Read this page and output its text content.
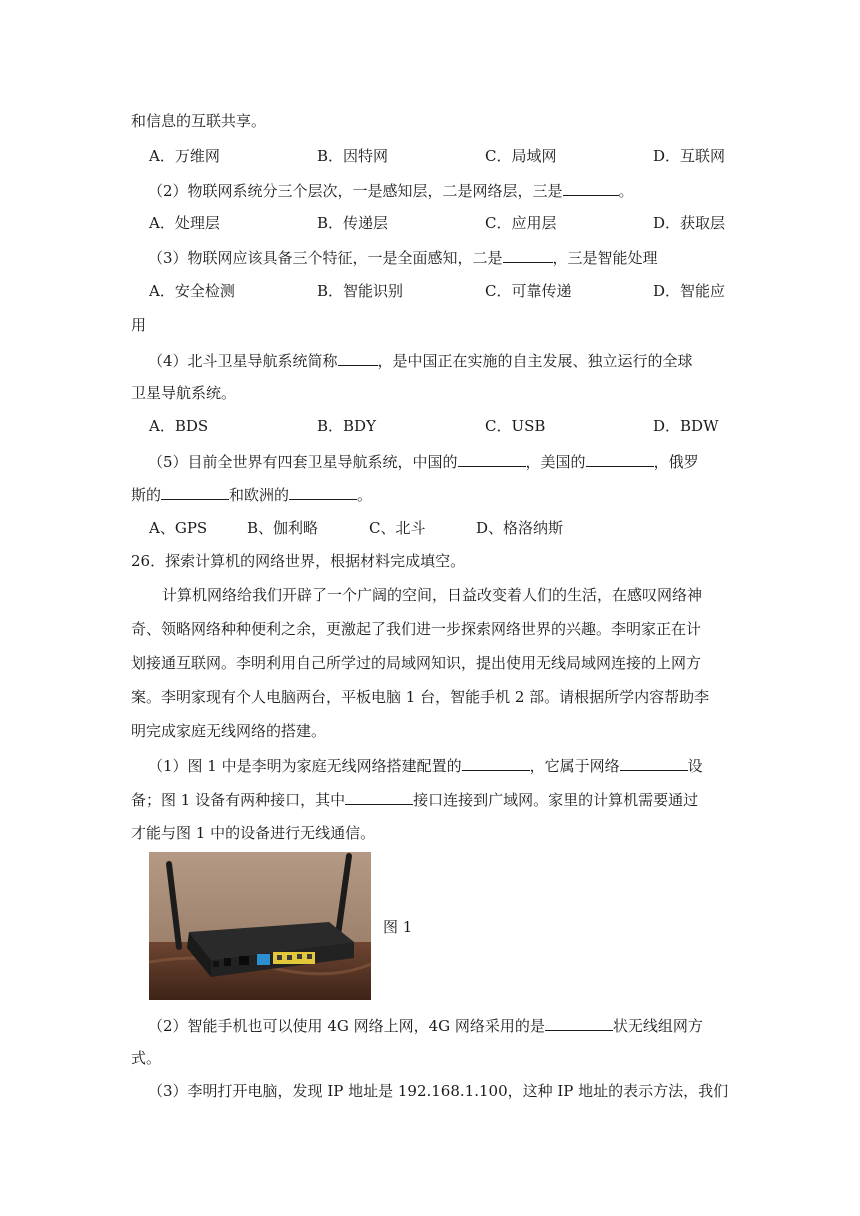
和信息的互联共享。
A．万维网	B．因特网	C．局域网	D．互联网
（2）物联网系统分三个层次，一是感知层，二是网络层，三是	。
A．处理层	B．传递层	C．应用层	D．获取层
（3）物联网应该具备三个特征，一是全面感知，二是	，三是智能处理
A．安全检测	B．智能识别	C．可靠传递	D．智能应
用
（4）北斗卫星导航系统简称	，是中国正在实施的自主发展、独立运行的全球
卫星导航系统。
A．BDS	B．BDY	C．USB	D．BDW
（5）目前全世界有四套卫星导航系统，中国的	，美国的	，俄罗
斯的	和欧洲的	。
A、GPS	B、伽利略	C、北斗	D、格洛纳斯
26．探索计算机的网络世界，根据材料完成填空。
计算机网络给我们开辟了一个广阔的空间，日益改变着人们的生活，在感叹网络神
奇、领略网络种种便利之余，更激起了我们进一步探索网络世界的兴趣。李明家正在计
划接通互联网。李明利用自己所学过的局域网知识，提出使用无线局域网连接的上网方
案。李明家现有个人电脑两台，平板电脑 1 台，智能手机 2 部。请根据所学内容帮助李
明完成家庭无线网络的搭建。
（1）图 1 中是李明为家庭无线网络搭建配置的	，它属于网络	设
备；图 1 设备有两种接口，其中	接口连接到广域网。家里的计算机需要通过
才能与图 1 中的设备进行无线通信。
图 1
（2）智能手机也可以使用 4G 网络上网，4G 网络采用的是	状无线组网方
式。
（3）李明打开电脑，发现 IP 地址是 192.168.1.100，这种 IP 地址的表示方法，我们
